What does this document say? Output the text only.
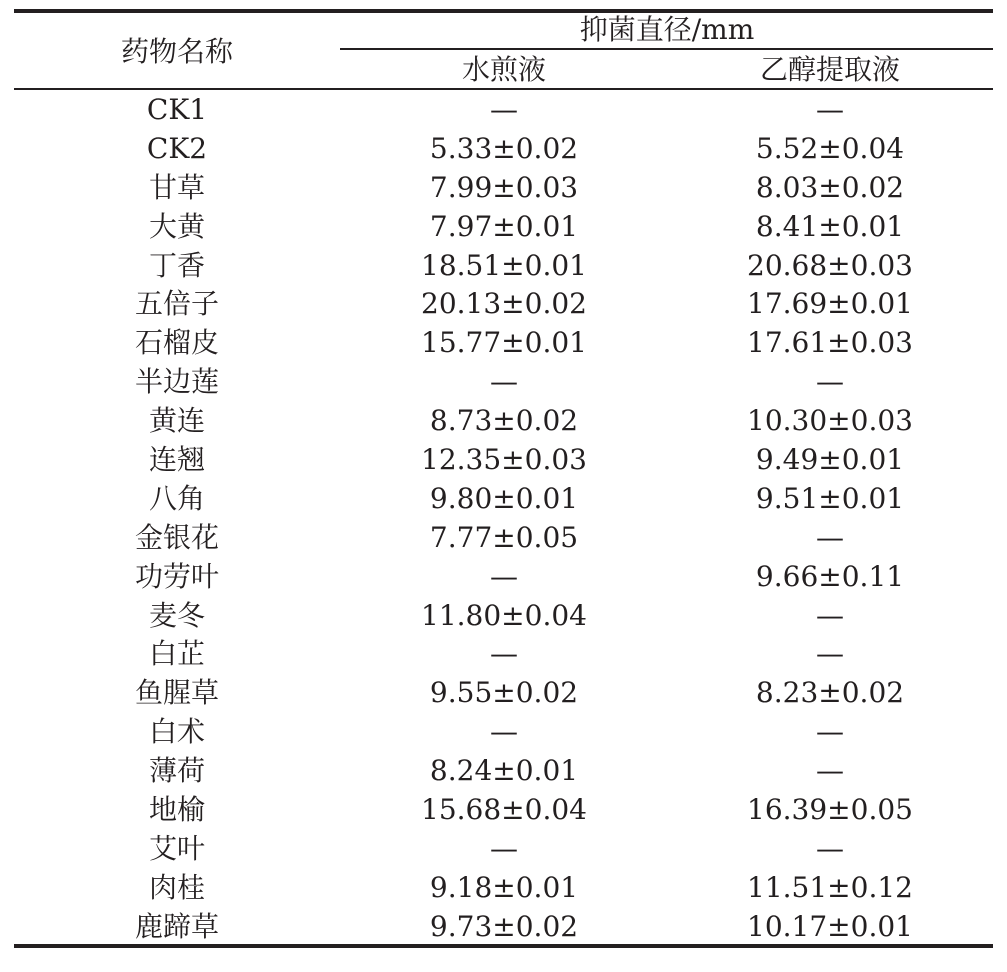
药物名称
抑菌直径/mm
水煎液	乙醇提取液
CK1	—	—
CK2	5.33±0.02	5.52±0.04
甘草	7.99±0.03	8.03±0.02
大黄	7.97±0.01	8.41±0.01
丁香	18.51±0.01	20.68±0.03
五倍子	20.13±0.02	17.69±0.01
石榴皮	15.77±0.01	17.61±0.03
半边莲	—	—
黄连	8.73±0.02	10.30±0.03
连翘	12.35±0.03	9.49±0.01
八角	9.80±0.01	9.51±0.01
金银花	7.77±0.05	—
功劳叶	—	9.66±0.11
麦冬	11.80±0.04	—
白芷	—	—
鱼腥草	9.55±0.02	8.23±0.02
白术	—	—
薄荷	8.24±0.01	—
地榆	15.68±0.04	16.39±0.05
艾叶	—	—
肉桂	9.18±0.01	11.51±0.12
鹿蹄草	9.73±0.02	10.17±0.01
